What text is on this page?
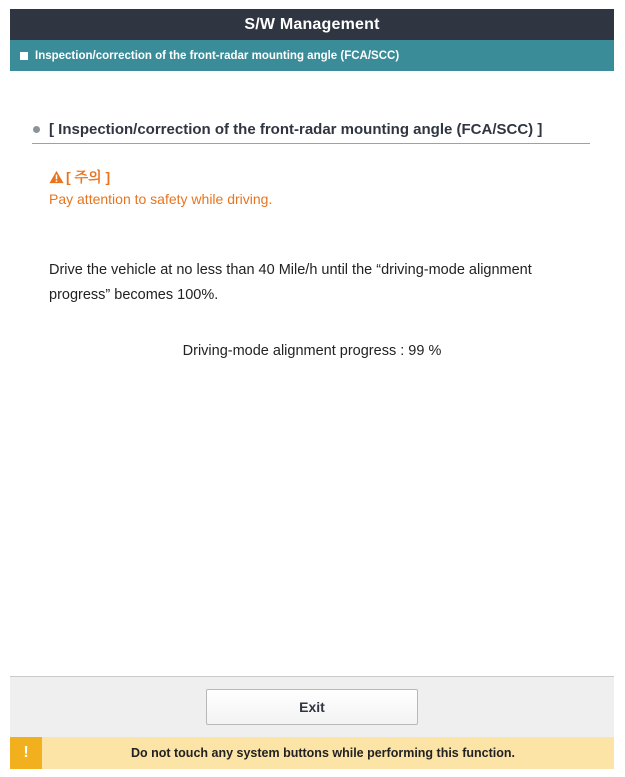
S/W Management
Inspection/correction of the front-radar mounting angle (FCA/SCC)
[ Inspection/correction of the front-radar mounting angle (FCA/SCC) ]
[ 주의 ]
Pay attention to safety while driving.
Drive the vehicle at no less than 40 Mile/h until the “driving-mode alignment progress” becomes 100%.
Driving-mode alignment progress : 99 %
Exit
!	Do not touch any system buttons while performing this function.
